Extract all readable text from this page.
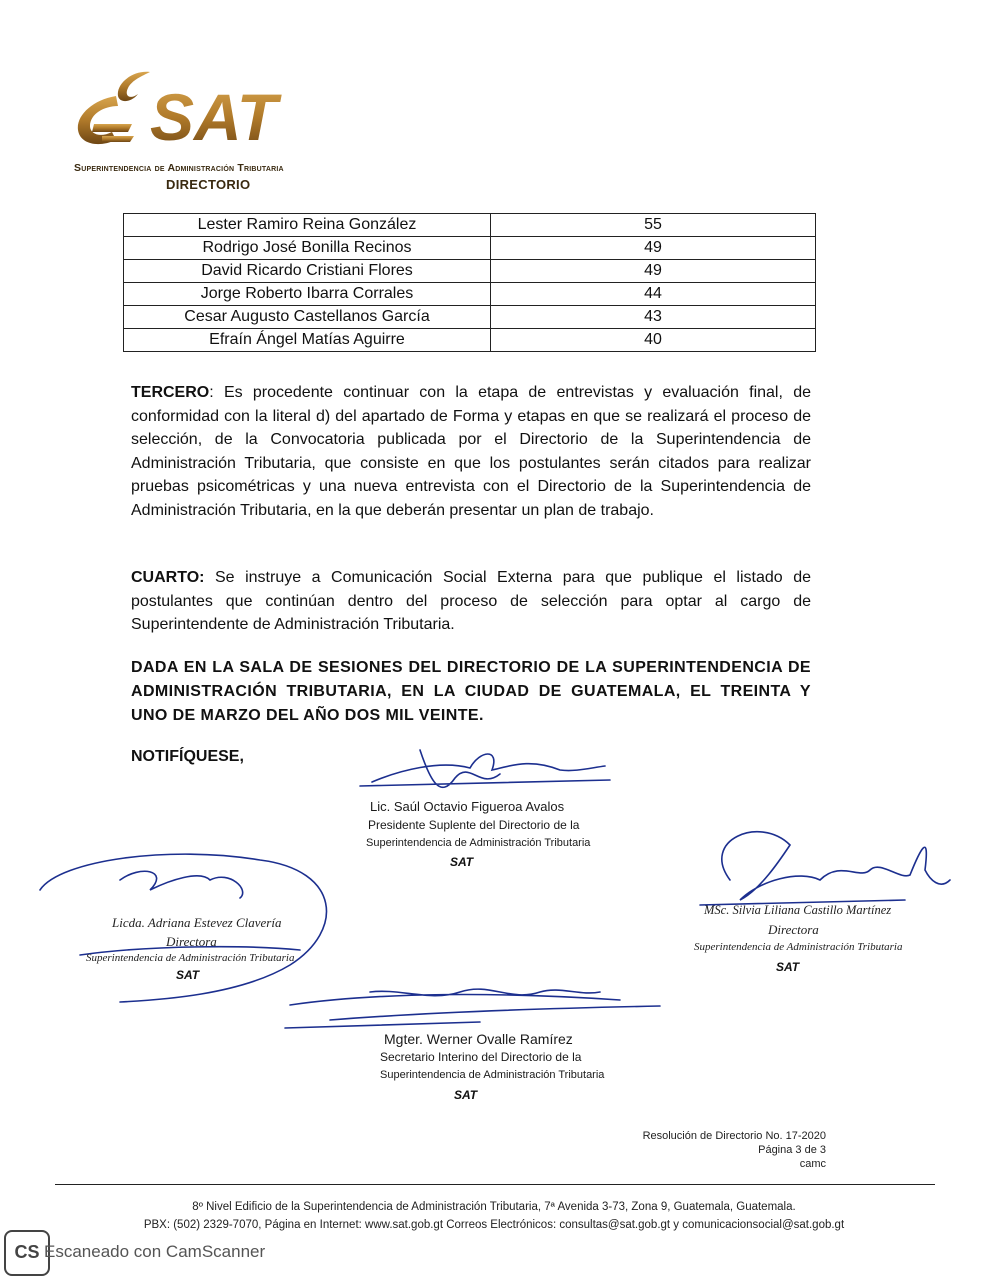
SAT
Superintendencia de Administración Tributaria
DIRECTORIO
Lester Ramiro Reina González	55
Rodrigo José Bonilla Recinos	49
David Ricardo Cristiani Flores	49
Jorge Roberto Ibarra Corrales	44
Cesar Augusto Castellanos García	43
Efraín Ángel Matías Aguirre	40
TERCERO: Es procedente continuar con la etapa de entrevistas y evaluación final, de conformidad con la literal d) del apartado de Forma y etapas en que se realizará el proceso de selección, de la Convocatoria publicada por el Directorio de la Superintendencia de Administración Tributaria, que consiste en que los postulantes serán citados para realizar pruebas psicométricas y una nueva entrevista con el Directorio de la Superintendencia de Administración Tributaria, en la que deberán presentar un plan de trabajo.
CUARTO: Se instruye a Comunicación Social Externa para que publique el listado de postulantes que continúan dentro del proceso de selección para optar al cargo de Superintendente de Administración Tributaria.
DADA EN LA SALA DE SESIONES DEL DIRECTORIO DE LA SUPERINTENDENCIA DE ADMINISTRACIÓN TRIBUTARIA, EN LA CIUDAD DE GUATEMALA, EL TREINTA Y UNO DE MARZO DEL AÑO DOS MIL VEINTE.
NOTIFÍQUESE,
Lic. Saúl Octavio Figueroa Avalos
Presidente Suplente del Directorio de la
Superintendencia de Administración Tributaria
SAT
Licda. Adriana Estevez Clavería
Directora
Superintendencia de Administración Tributaria
SAT
MSc. Silvia Liliana Castillo Martínez
Directora
Superintendencia de Administración Tributaria
SAT
Mgter. Werner Ovalle Ramírez
Secretario Interino del Directorio de la
Superintendencia de Administración Tributaria
SAT
Resolución de Directorio No. 17-2020
Página 3 de 3
camc
8º Nivel Edificio de la Superintendencia de Administración Tributaria, 7ª Avenida 3-73, Zona 9, Guatemala, Guatemala.
PBX: (502) 2329-7070, Página en Internet: www.sat.gob.gt Correos Electrónicos: consultas@sat.gob.gt y comunicacionsocial@sat.gob.gt
CS Escaneado con CamScanner
